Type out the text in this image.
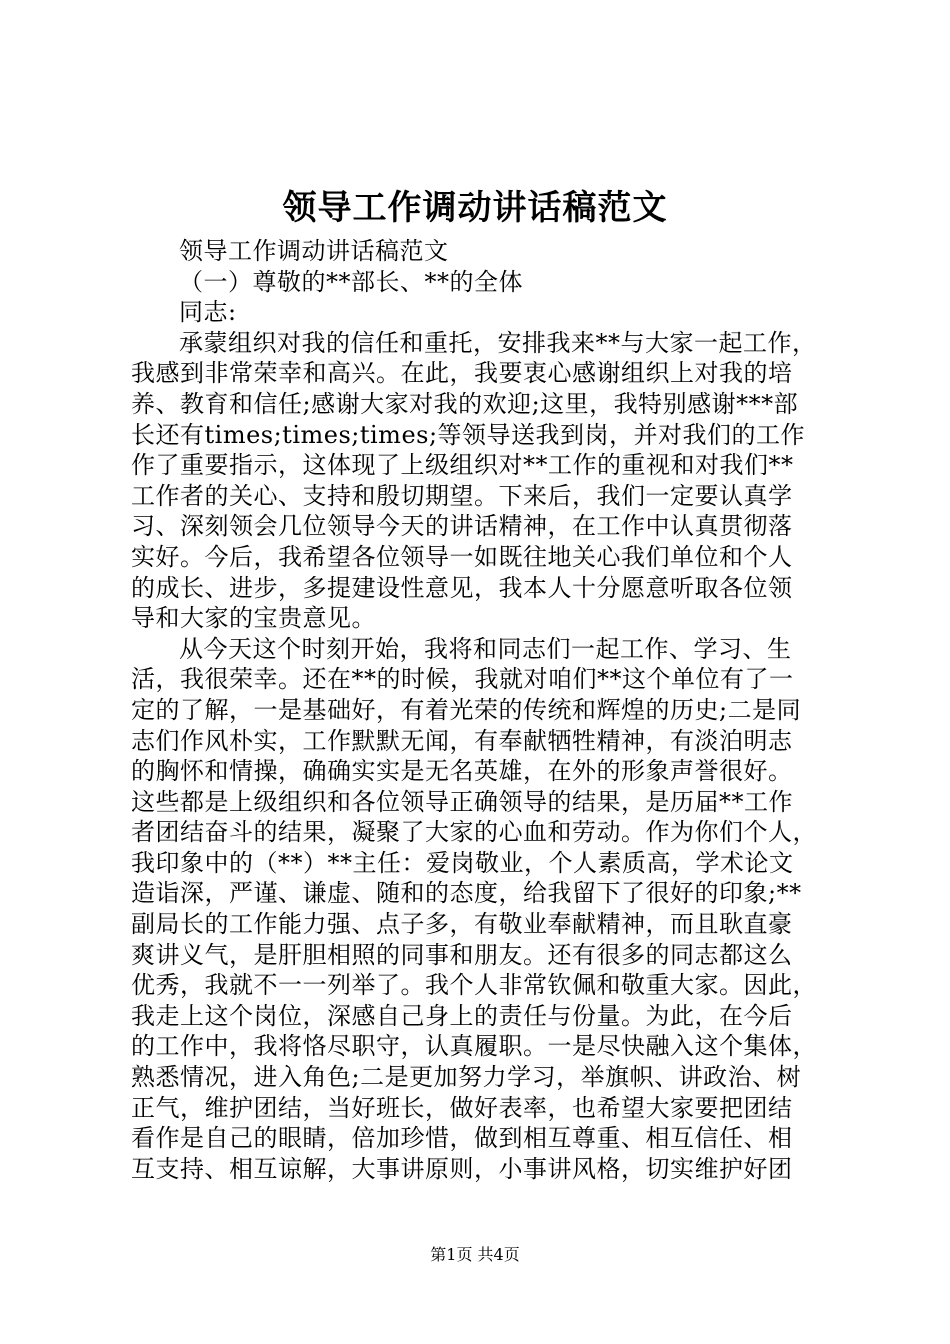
领导工作调动讲话稿范文
领导工作调动讲话稿范文
（一）尊敬的**部长、**的全体
同志:
承蒙组织对我的信任和重托，安排我来**与大家一起工作，
我感到非常荣幸和高兴。在此，我要衷心感谢组织上对我的培
养、教育和信任;感谢大家对我的欢迎;这里，我特别感谢***部
长还有times;times;times;等领导送我到岗，并对我们的工作
作了重要指示，这体现了上级组织对**工作的重视和对我们**
工作者的关心、支持和殷切期望。下来后，我们一定要认真学
习、深刻领会几位领导今天的讲话精神，在工作中认真贯彻落
实好。今后，我希望各位领导一如既往地关心我们单位和个人
的成长、进步，多提建设性意见，我本人十分愿意听取各位领
导和大家的宝贵意见。
从今天这个时刻开始，我将和同志们一起工作、学习、生
活，我很荣幸。还在**的时候，我就对咱们**这个单位有了一
定的了解，一是基础好，有着光荣的传统和辉煌的历史;二是同
志们作风朴实，工作默默无闻，有奉献牺牲精神，有淡泊明志
的胸怀和情操，确确实实是无名英雄，在外的形象声誉很好。
这些都是上级组织和各位领导正确领导的结果，是历届**工作
者团结奋斗的结果，凝聚了大家的心血和劳动。作为你们个人，
我印象中的（**）**主任：爱岗敬业，个人素质高，学术论文
造诣深，严谨、谦虚、随和的态度，给我留下了很好的印象;**
副局长的工作能力强、点子多，有敬业奉献精神，而且耿直豪
爽讲义气，是肝胆相照的同事和朋友。还有很多的同志都这么
优秀，我就不一一列举了。我个人非常钦佩和敬重大家。因此，
我走上这个岗位，深感自己身上的责任与份量。为此，在今后
的工作中，我将恪尽职守，认真履职。一是尽快融入这个集体，
熟悉情况，进入角色;二是更加努力学习，举旗帜、讲政治、树
正气，维护团结，当好班长，做好表率，也希望大家要把团结
看作是自己的眼睛，倍加珍惜，做到相互尊重、相互信任、相
互支持、相互谅解，大事讲原则，小事讲风格，切实维护好团
第1页 共4页
